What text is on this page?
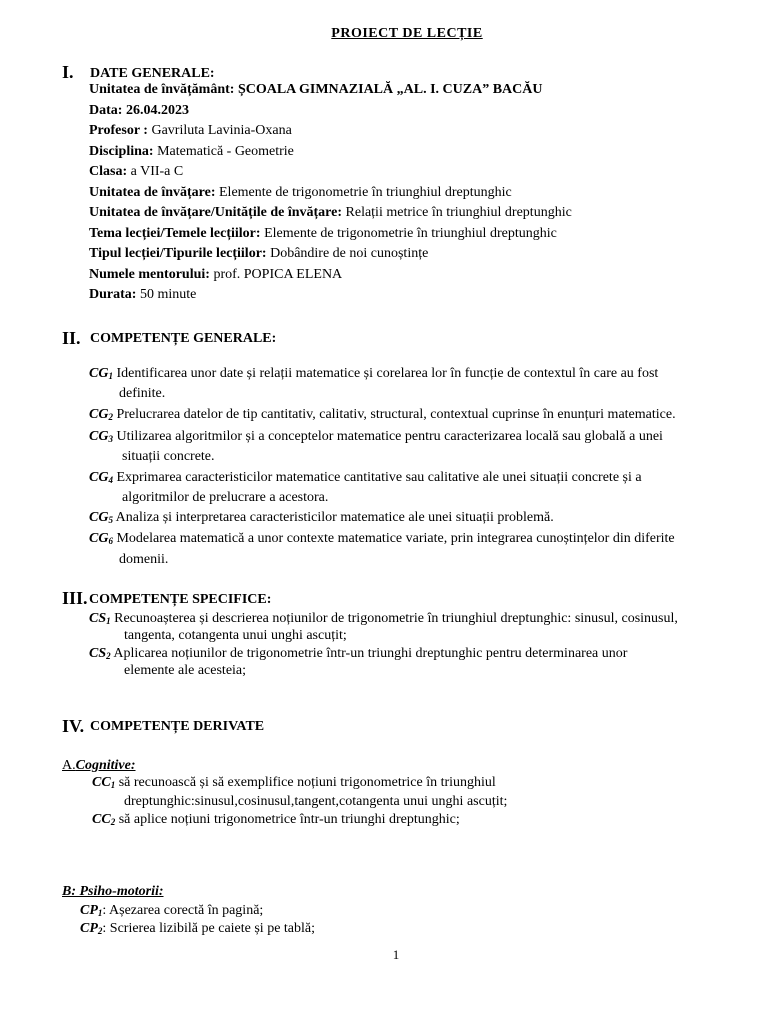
PROIECT DE LECȚIE
I. DATE GENERALE:
Unitatea de învățământ: ȘCOALA GIMNAZIALĂ „AL. I. CUZA” BACĂU
Data: 26.04.2023
Profesor : Gavriluta Lavinia-Oxana
Disciplina: Matematică - Geometrie
Clasa: a VII-a C
Unitatea de învățare: Elemente de trigonometrie în triunghiul dreptunghic
Unitatea de învățare/Unitățile de învățare: Relații metrice în triunghiul dreptunghic
Tema lecției/Temele lecțiilor: Elemente de trigonometrie în triunghiul dreptunghic
Tipul lecției/Tipurile lecțiilor: Dobândire de noi cunoștințe
Numele mentorului: prof. POPICA ELENA
Durata: 50 minute
II. COMPETENȚE GENERALE:
$CG_1$ Identificarea unor date și relații matematice și corelarea lor în funcție de contextul în care au fost
definite.
$CG_2$ Prelucrarea datelor de tip cantitativ, calitativ, structural, contextual cuprinse în enunțuri matematice.
$CG_3$ Utilizarea algoritmilor și a conceptelor matematice pentru caracterizarea locală sau globală a unei
situații concrete.
$CG_4$ Exprimarea caracteristicilor matematice cantitative sau calitative ale unei situații concrete și a
algoritmilor de prelucrare a acestora.
$CG_5$ Analiza și interpretarea caracteristicilor matematice ale unei situații problemă.
$CG_6$ Modelarea matematică a unor contexte matematice variate, prin integrarea cunoștințelor din diferite
domenii.
III. COMPETENȚE SPECIFICE:
$CS_1$ Recunoașterea și descrierea noțiunilor de trigonometrie în triunghiul dreptunghic: sinusul, cosinusul,
tangenta, cotangenta unui unghi ascuțit;
$CS_2$ Aplicarea noțiunilor de trigonometrie într-un triunghi dreptunghic pentru determinarea unor
elemente ale acesteia;
IV. COMPETENȚE DERIVATE
A.Cognitive:
$CC_1$ să recunoască și să exemplifice noțiuni trigonometrice în triunghiul
dreptunghic:sinusul,cosinusul,tangent,cotangenta unui unghi ascuțit;
$CC_2$ să aplice noțiuni trigonometrice într-un triunghi dreptunghic;
B: Psiho-motorii:
$CP_1$: Așezarea corectă în pagină;
$CP_2$: Scrierea lizibilă pe caiete și pe tablă;
1
